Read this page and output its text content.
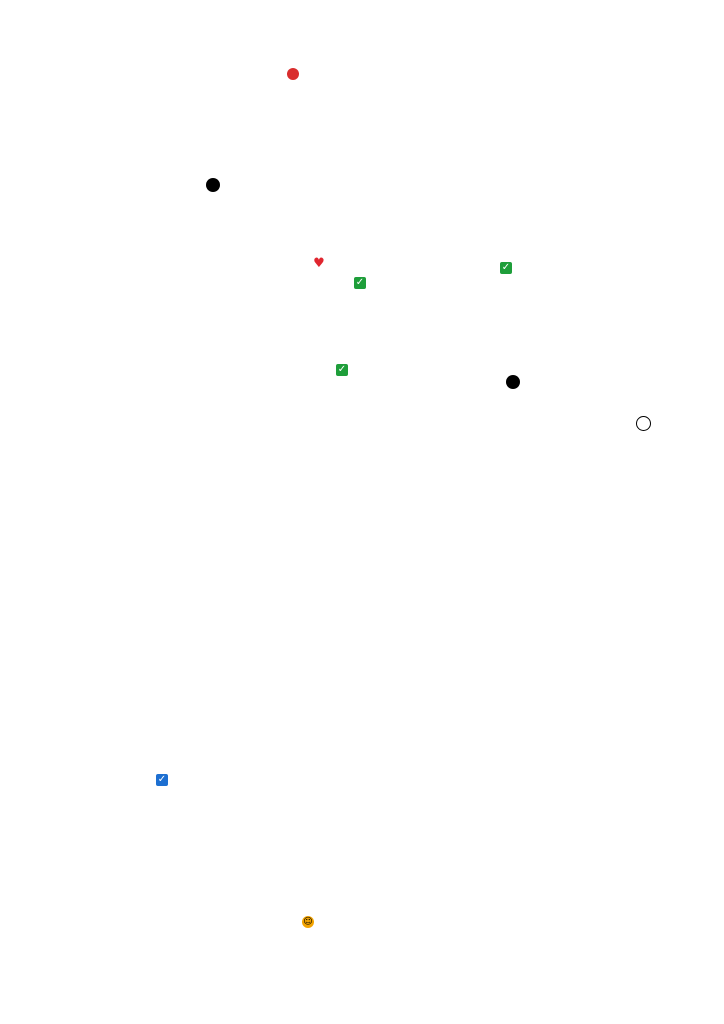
♥
✓
✓
✓
✓
☺
